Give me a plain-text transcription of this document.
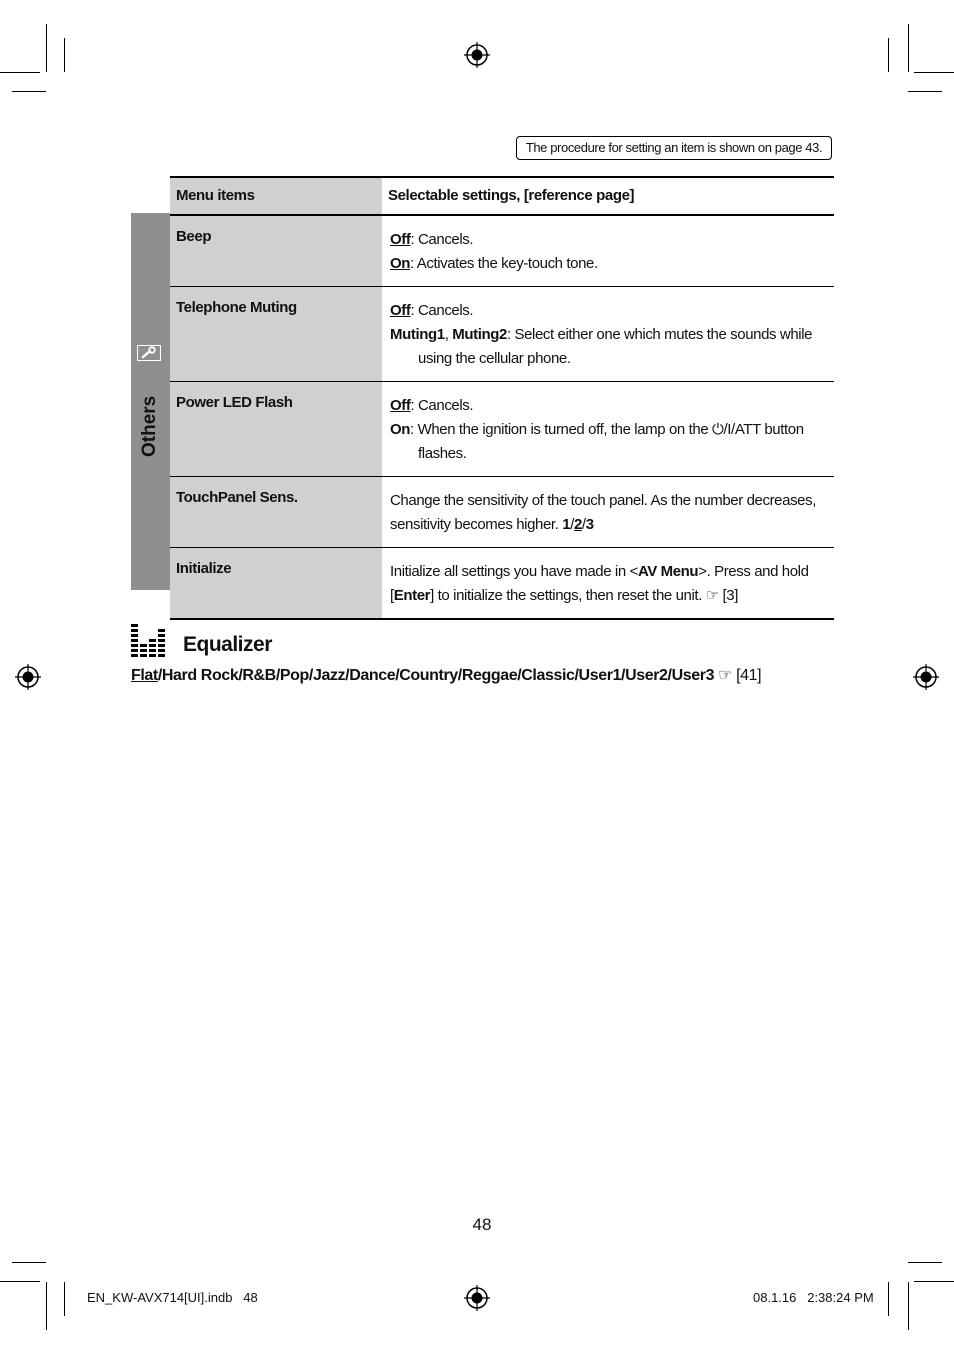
The procedure for setting an item is shown on page 43.
Others
Menu items	Selectable settings, [reference page]
Beep	Off: Cancels.
On: Activates the key-touch tone.

Telephone Muting	Off: Cancels.
Muting1, Muting2: Select either one which mutes the sounds while
using the cellular phone.

Power LED Flash	Off: Cancels.
On: When the ignition is turned off, the lamp on the ⏻/I/ATT button
flashes.

TouchPanel Sens.	Change the sensitivity of the touch panel. As the number decreases,
sensitivity becomes higher. 1/2/3

Initialize	Initialize all settings you have made in <AV Menu>. Press and hold
[Enter] to initialize the settings, then reset the unit. ☞ [3]
Equalizer
Flat/Hard Rock/R&B/Pop/Jazz/Dance/Country/Reggae/Classic/User1/User2/User3 ☞ [41]
48
EN_KW-AVX714[UI].indb   48	08.1.16   2:38:24 PM
